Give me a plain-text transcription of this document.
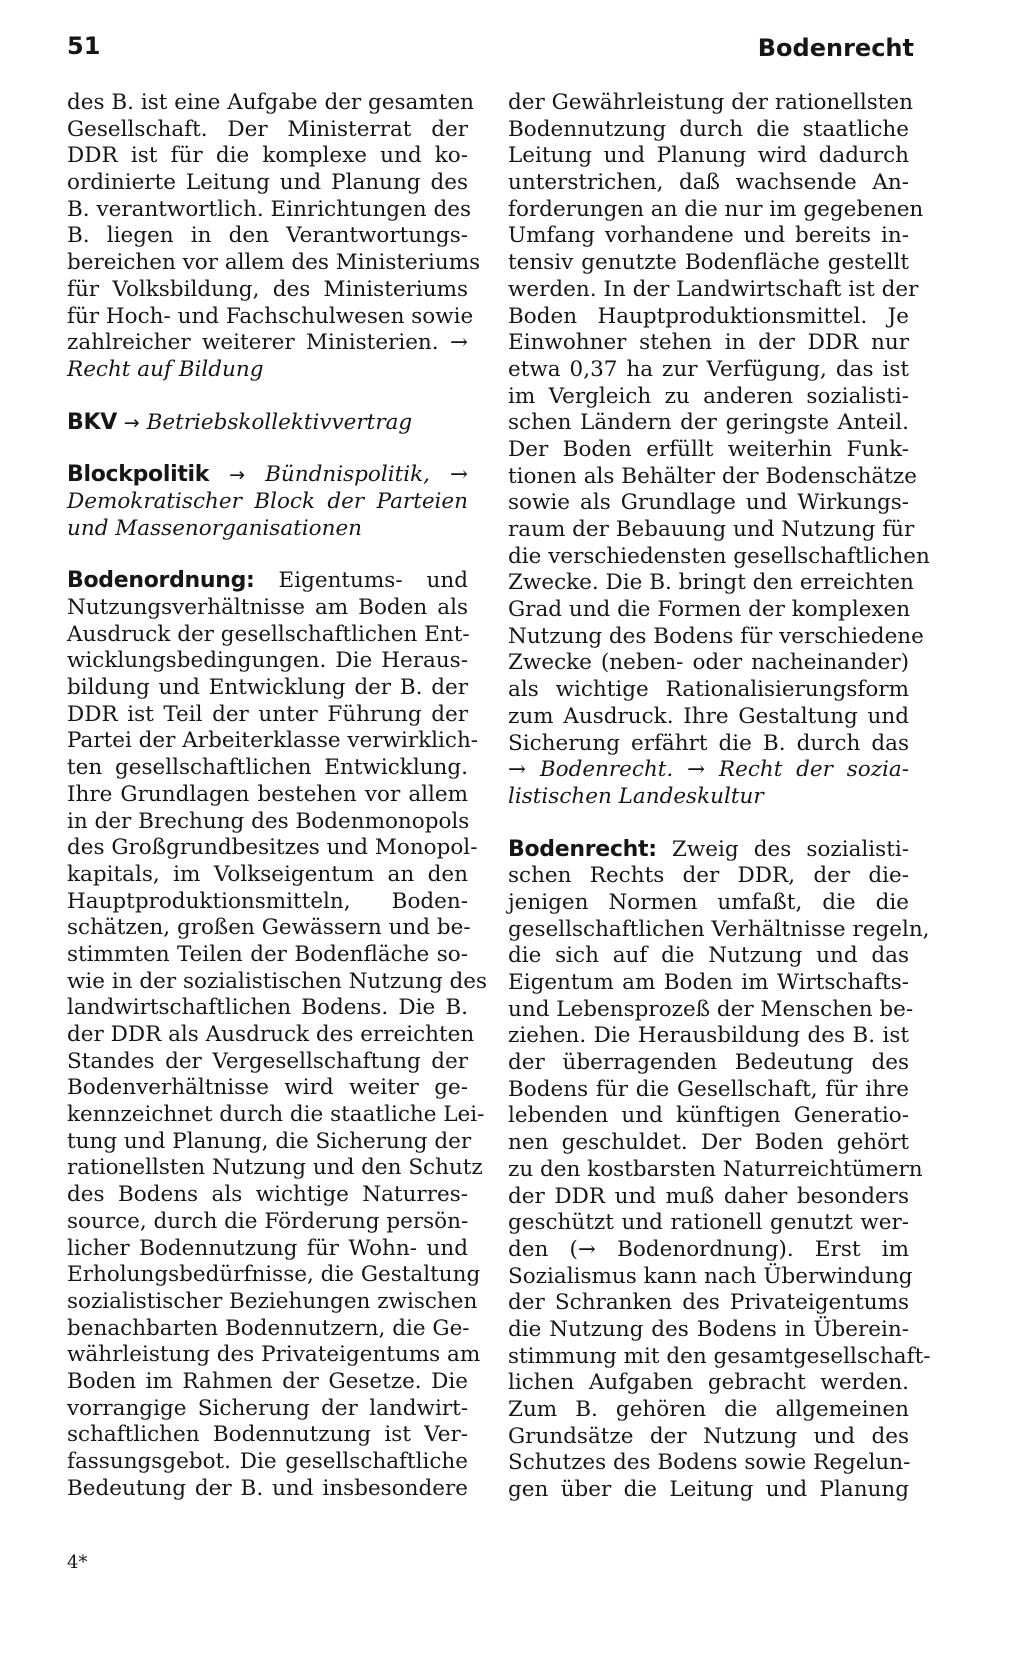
51	Bodenrecht
des B. ist eine Aufgabe der gesamten
Gesellschaft. Der Ministerrat der
DDR ist für die komplexe und ko-
ordinierte Leitung und Planung des
B. verantwortlich. Einrichtungen des
B. liegen in den Verantwortungs-
bereichen vor allem des Ministeriums
für Volksbildung, des Ministeriums
für Hoch- und Fachschulwesen sowie
zahlreicher weiterer Ministerien. →
Recht auf Bildung
BKV → Betriebskollektivvertrag
Blockpolitik → Bündnispolitik, →
Demokratischer Block der Parteien
und Massenorganisationen
Bodenordnung: Eigentums- und
Nutzungsverhältnisse am Boden als
Ausdruck der gesellschaftlichen Ent-
wicklungsbedingungen. Die Heraus-
bildung und Entwicklung der B. der
DDR ist Teil der unter Führung der
Partei der Arbeiterklasse verwirklich-
ten gesellschaftlichen Entwicklung.
Ihre Grundlagen bestehen vor allem
in der Brechung des Bodenmonopols
des Großgrundbesitzes und Monopol-
kapitals, im Volkseigentum an den
Hauptproduktionsmitteln, Boden-
schätzen, großen Gewässern und be-
stimmten Teilen der Bodenfläche so-
wie in der sozialistischen Nutzung des
landwirtschaftlichen Bodens. Die B.
der DDR als Ausdruck des erreichten
Standes der Vergesellschaftung der
Bodenverhältnisse wird weiter ge-
kennzeichnet durch die staatliche Lei-
tung und Planung, die Sicherung der
rationellsten Nutzung und den Schutz
des Bodens als wichtige Naturres-
source, durch die Förderung persön-
licher Bodennutzung für Wohn- und
Erholungsbedürfnisse, die Gestaltung
sozialistischer Beziehungen zwischen
benachbarten Bodennutzern, die Ge-
währleistung des Privateigentums am
Boden im Rahmen der Gesetze. Die
vorrangige Sicherung der landwirt-
schaftlichen Bodennutzung ist Ver-
fassungsgebot. Die gesellschaftliche
Bedeutung der B. und insbesondere
der Gewährleistung der rationellsten
Bodennutzung durch die staatliche
Leitung und Planung wird dadurch
unterstrichen, daß wachsende An-
forderungen an die nur im gegebenen
Umfang vorhandene und bereits in-
tensiv genutzte Bodenfläche gestellt
werden. In der Landwirtschaft ist der
Boden Hauptproduktionsmittel. Je
Einwohner stehen in der DDR nur
etwa 0,37 ha zur Verfügung, das ist
im Vergleich zu anderen sozialisti-
schen Ländern der geringste Anteil.
Der Boden erfüllt weiterhin Funk-
tionen als Behälter der Bodenschätze
sowie als Grundlage und Wirkungs-
raum der Bebauung und Nutzung für
die verschiedensten gesellschaftlichen
Zwecke. Die B. bringt den erreichten
Grad und die Formen der komplexen
Nutzung des Bodens für verschiedene
Zwecke (neben- oder nacheinander)
als wichtige Rationalisierungsform
zum Ausdruck. Ihre Gestaltung und
Sicherung erfährt die B. durch das
→ Bodenrecht. → Recht der sozia-
listischen Landeskultur
Bodenrecht: Zweig des sozialisti-
schen Rechts der DDR, der die-
jenigen Normen umfaßt, die die
gesellschaftlichen Verhältnisse regeln,
die sich auf die Nutzung und das
Eigentum am Boden im Wirtschafts-
und Lebensprozeß der Menschen be-
ziehen. Die Herausbildung des B. ist
der überragenden Bedeutung des
Bodens für die Gesellschaft, für ihre
lebenden und künftigen Generatio-
nen geschuldet. Der Boden gehört
zu den kostbarsten Naturreichtümern
der DDR und muß daher besonders
geschützt und rationell genutzt wer-
den (→ Bodenordnung). Erst im
Sozialismus kann nach Überwindung
der Schranken des Privateigentums
die Nutzung des Bodens in Überein-
stimmung mit den gesamtgesellschaft-
lichen Aufgaben gebracht werden.
Zum B. gehören die allgemeinen
Grundsätze der Nutzung und des
Schutzes des Bodens sowie Regelun-
gen über die Leitung und Planung
4*
